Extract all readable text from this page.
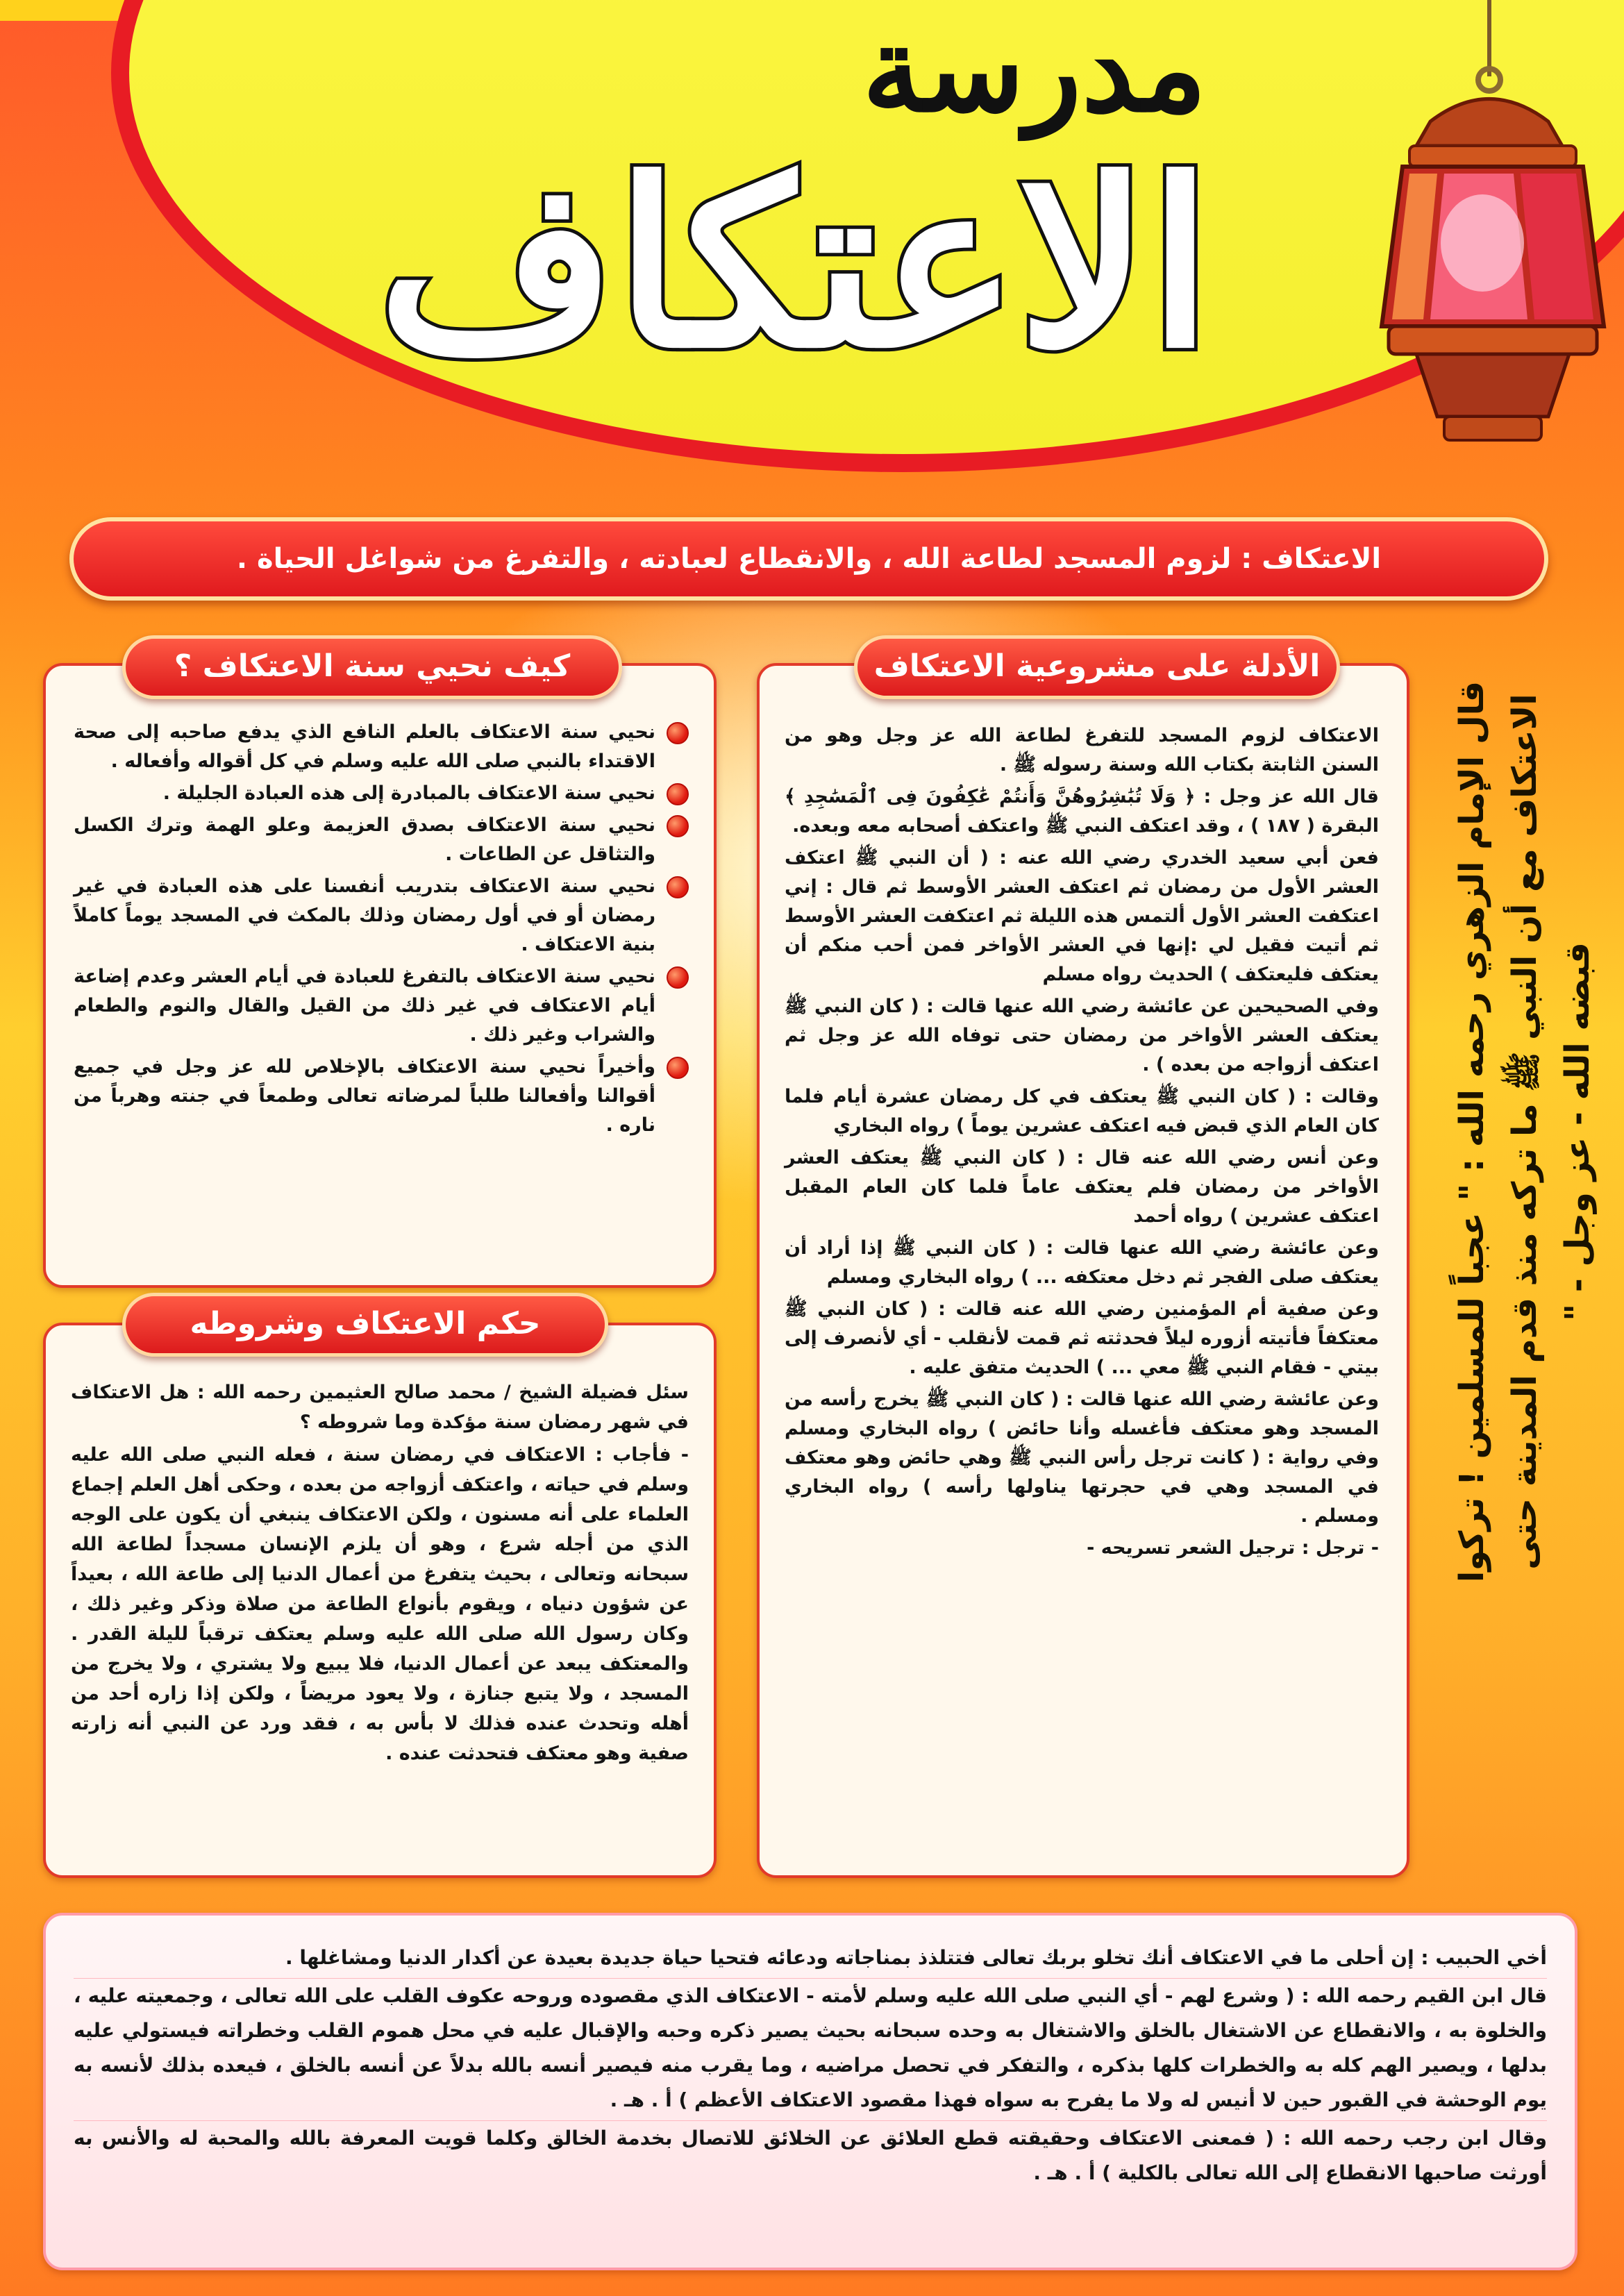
مدرسة
الاعتكاف
الاعتكاف : لزوم المسجد لطاعة الله ، والانقطاع لعبادته ، والتفرغ من شواغل الحياة .
نحيي سنة الاعتكاف بالعلم النافع الذي يدفع صاحبه إلى صحة الاقتداء بالنبي صلى الله عليه وسلم في كل أقواله وأفعاله .
نحيي سنة الاعتكاف بالمبادرة إلى هذه العبادة الجليلة .
نحيي سنة الاعتكاف بصدق العزيمة وعلو الهمة وترك الكسل والتثاقل عن الطاعات .
نحيي سنة الاعتكاف بتدريب أنفسنا على هذه العبادة في غير رمضان أو في أول رمضان وذلك بالمكث في المسجد يوماً كاملاً بنية الاعتكاف .
نحيي سنة الاعتكاف بالتفرغ للعبادة في أيام العشر وعدم إضاعة أيام الاعتكاف في غير ذلك من القيل والقال والنوم والطعام والشراب وغير ذلك .
وأخيراً نحيي سنة الاعتكاف بالإخلاص لله عز وجل في جميع أقوالنا وأفعالنا طلباً لمرضاته تعالى وطمعاً في جنته وهرباً من ناره .
كيف نحيي سنة الاعتكاف ؟

سئل فضيلة الشيخ / محمد صالح العثيمين رحمه الله : هل الاعتكاف في شهر رمضان سنة مؤكدة وما شروطه ؟

- فأجاب : الاعتكاف في رمضان سنة ، فعله النبي صلى الله عليه وسلم في حياته ، واعتكف أزواجه من بعده ، وحكى أهل العلم إجماع العلماء على أنه مسنون ، ولكن الاعتكاف ينبغي أن يكون على الوجه الذي من أجله شرع ، وهو أن يلزم الإنسان مسجداً لطاعة الله سبحانه وتعالى ، بحيث يتفرغ من أعمال الدنيا إلى طاعة الله ، بعيداً عن شؤون دنياه ، ويقوم بأنواع الطاعة من صلاة وذكر وغير ذلك ، وكان رسول الله صلى الله عليه وسلم يعتكف ترقباً لليلة القدر . والمعتكف يبعد عن أعمال الدنيا، فلا يبيع ولا يشتري ، ولا يخرج من المسجد ، ولا يتبع جنازة ، ولا يعود مريضاً ، ولكن إذا زاره أحد من أهله وتحدث عنده فذلك لا بأس به ، فقد ورد عن النبي أنه زارته صفية وهو معتكف فتحدثت عنده .

حكم الاعتكاف وشروطه

الاعتكاف لزوم المسجد للتفرغ لطاعة الله عز وجل وهو من السنن الثابتة بكتاب الله وسنة رسوله ﷺ .

قال الله عز وجل : ﴿ وَلَا تُبَٰشِرُوهُنَّ وَأَنتُمْ عَٰكِفُونَ فِى ٱلْمَسَٰجِدِ ﴾ البقرة ( ١٨٧ ) ، وقد اعتكف النبي ﷺ واعتكف أصحابه معه وبعده.

فعن أبي سعيد الخدري رضي الله عنه : ( أن النبي ﷺ اعتكف العشر الأول من رمضان ثم اعتكف العشر الأوسط ثم قال : إني اعتكفت العشر الأول ألتمس هذه الليلة ثم اعتكفت العشر الأوسط ثم أتيت فقيل لي :إنها في العشر الأواخر فمن أحب منكم أن يعتكف فليعتكف ) الحديث رواه مسلم

وفي الصحيحين عن عائشة رضي الله عنها قالت : ( كان النبي ﷺ يعتكف العشر الأواخر من رمضان حتى توفاه الله عز وجل ثم اعتكف أزواجه من بعده ) .

وقالت : ( كان النبي ﷺ يعتكف في كل رمضان عشرة أيام فلما كان العام الذي قبض فيه اعتكف عشرين يوماً ) رواه البخاري

وعن أنس رضي الله عنه قال : ( كان النبي ﷺ يعتكف العشر الأواخر من رمضان فلم يعتكف عاماً فلما كان العام المقبل اعتكف عشرين ) رواه أحمد

وعن عائشة رضي الله عنها قالت : ( كان النبي ﷺ إذا أراد أن يعتكف صلى الفجر ثم دخل معتكفه ... ) رواه البخاري ومسلم

وعن صفية أم المؤمنين رضي الله عنه قالت : ( كان النبي ﷺ معتكفاً فأتيته أزوره ليلاً فحدثته ثم قمت لأنقلب - أي لأنصرف إلى بيتي - فقام النبي ﷺ معي ... ) الحديث متفق عليه .

وعن عائشة رضي الله عنها قالت : ( كان النبي ﷺ يخرج رأسه من المسجد وهو معتكف فأغسله وأنا حائض ) رواه البخاري ومسلم وفي رواية : ( كانت ترجل رأس النبي ﷺ وهي حائض وهو معتكف في المسجد وهي في حجرتها يناولها رأسه ) رواه البخاري ومسلم .

- ترجل : ترجيل الشعر تسريحه -

الأدلة على مشروعية الاعتكاف
قال الإمام الزهري رحمه الله : " عجباً للمسلمين ! تركوا الاعتكاف مع أن النبي ﷺ ما تركه منذ قدم المدينة حتى قبضه الله - عز وجل - "

أخي الحبيب : إن أحلى ما في الاعتكاف أنك تخلو بربك تعالى فتتلذذ بمناجاته ودعائه فتحيا حياة جديدة بعيدة عن أكدار الدنيا ومشاغلها .

قال ابن القيم رحمه الله : ( وشرع لهم - أي النبي صلى الله عليه وسلم لأمته - الاعتكاف الذي مقصوده وروحه عكوف القلب على الله تعالى ، وجمعيته عليه ، والخلوة به ، والانقطاع عن الاشتغال بالخلق والاشتغال به وحده سبحانه بحيث يصير ذكره وحبه والإقبال عليه في محل هموم القلب وخطراته فيستولي عليه بدلها ، ويصير الهم كله به والخطرات كلها بذكره ، والتفكر في تحصل مراضيه ، وما يقرب منه فيصير أنسه بالله بدلاً عن أنسه بالخلق ، فيعده بذلك لأنسه به يوم الوحشة في القبور حين لا أنيس له ولا ما يفرح به سواه فهذا مقصود الاعتكاف الأعظم ) أ . هـ .

وقال ابن رجب رحمه الله : ( فمعنى الاعتكاف وحقيقته قطع العلائق عن الخلائق للاتصال بخدمة الخالق وكلما قويت المعرفة بالله والمحبة له والأنس به أورثت صاحبها الانقطاع إلى الله تعالى بالكلية ) أ . هـ .
